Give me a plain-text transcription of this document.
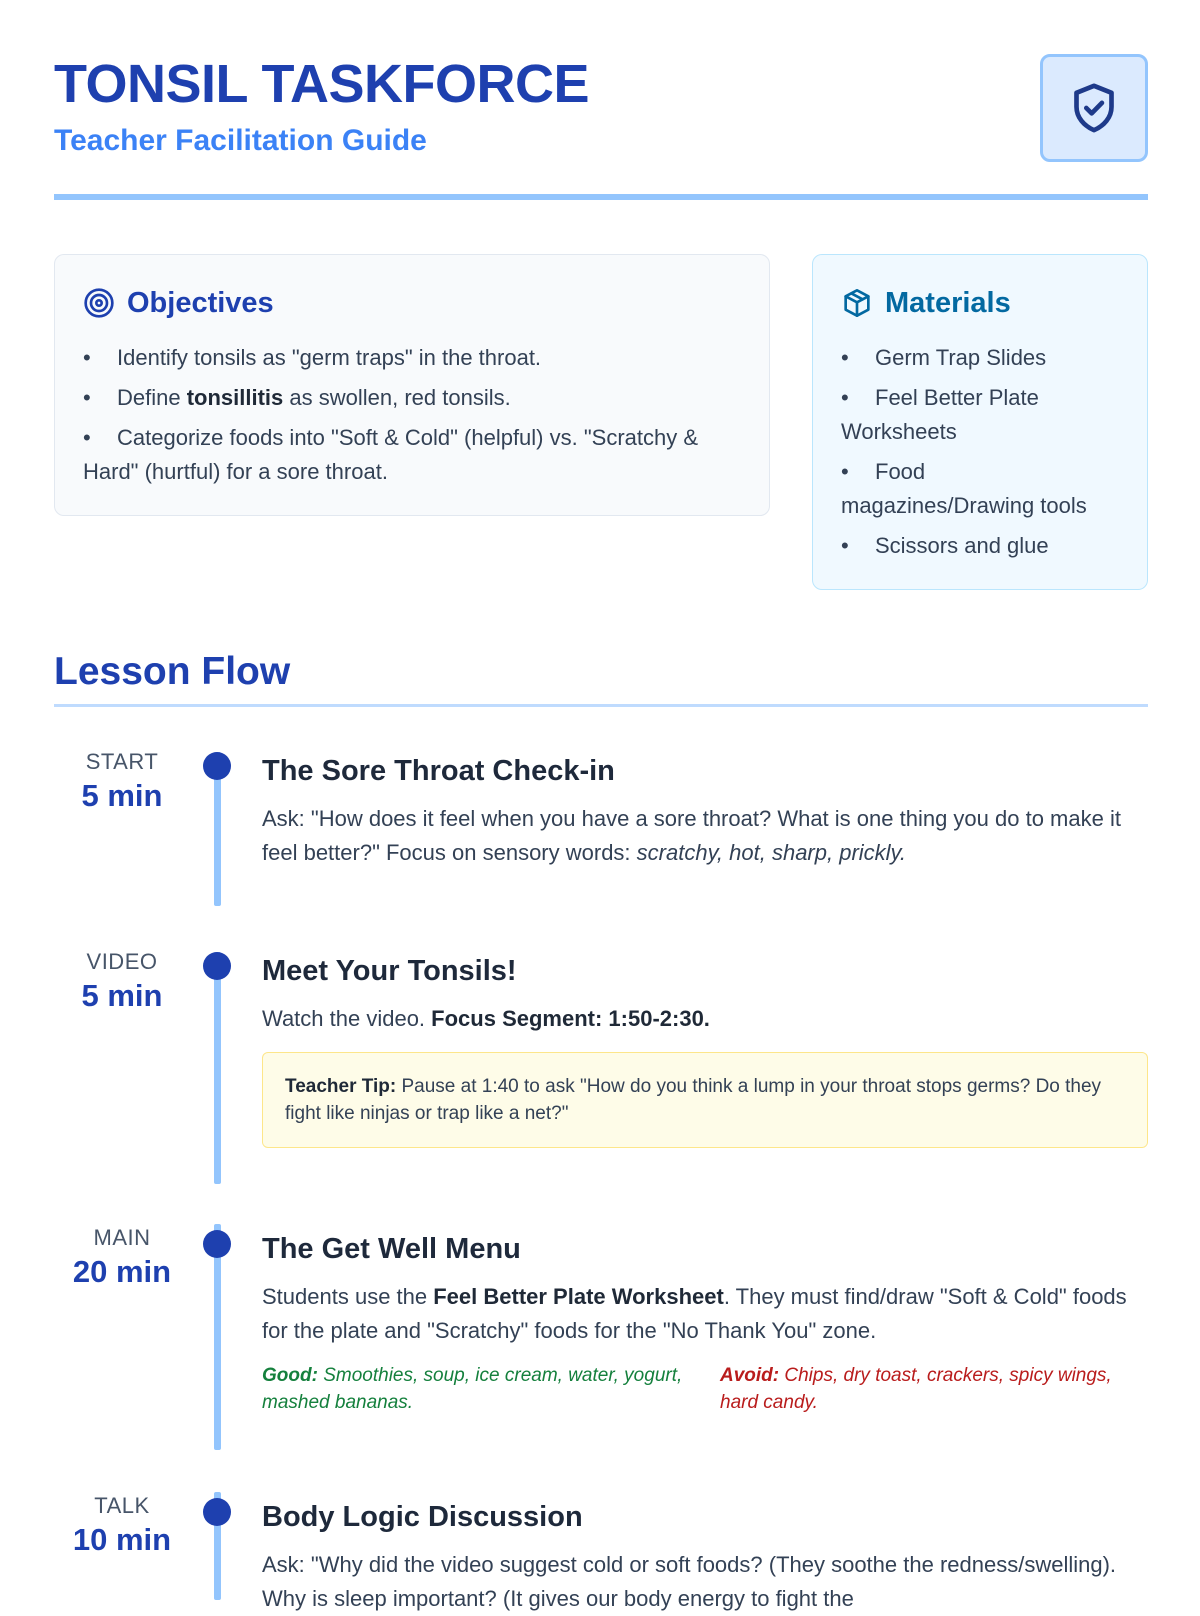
TONSIL TASKFORCE
Teacher Facilitation Guide
Objectives
• Identify tonsils as "germ traps" in the throat.
• Define tonsillitis as swollen, red tonsils.
• Categorize foods into "Soft & Cold" (helpful) vs. "Scratchy & Hard" (hurtful) for a sore throat.
Materials
• Germ Trap Slides
• Feel Better Plate Worksheets
• Food magazines/Drawing tools
• Scissors and glue
Lesson Flow
START
5 min
The Sore Throat Check-in
Ask: "How does it feel when you have a sore throat? What is one thing you do to make it feel better?" Focus on sensory words: scratchy, hot, sharp, prickly.
VIDEO
5 min
Meet Your Tonsils!
Watch the video. Focus Segment: 1:50-2:30.
Teacher Tip: Pause at 1:40 to ask "How do you think a lump in your throat stops germs? Do they fight like ninjas or trap like a net?"
MAIN
20 min
The Get Well Menu
Students use the Feel Better Plate Worksheet. They must find/draw "Soft & Cold" foods for the plate and "Scratchy" foods for the "No Thank You" zone.
Good: Smoothies, soup, ice cream, water, yogurt, mashed bananas.
Avoid: Chips, dry toast, crackers, spicy wings, hard candy.
TALK
10 min
Body Logic Discussion
Ask: "Why did the video suggest cold or soft foods? (They soothe the redness/swelling). Why is sleep important? (It gives our body energy to fight the
